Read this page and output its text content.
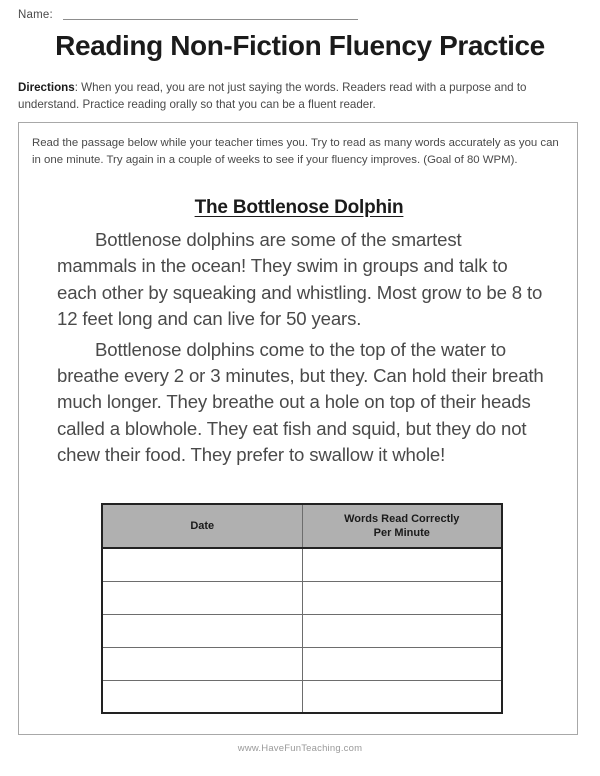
Name:
Reading Non-Fiction Fluency Practice
Directions: When you read, you are not just saying the words. Readers read with a purpose and to understand. Practice reading orally so that you can be a fluent reader.
Read the passage below while your teacher times you. Try to read as many words accurately as you can in one minute. Try again in a couple of weeks to see if your fluency improves. (Goal of 80 WPM).
The Bottlenose Dolphin

Bottlenose dolphins are some of the smartest mammals in the ocean! They swim in groups and talk to each other by squeaking and whistling. Most grow to be 8 to 12 feet long and can live for 50 years.

Bottlenose dolphins come to the top of the water to breathe every 2 or 3 minutes, but they. Can hold their breath much longer. They breathe out a hole on top of their heads called a blowhole. They eat fish and squid, but they do not chew their food. They prefer to swallow it whole!

Date	Words Read Correctly
Per Minute

www.HaveFunTeaching.com
